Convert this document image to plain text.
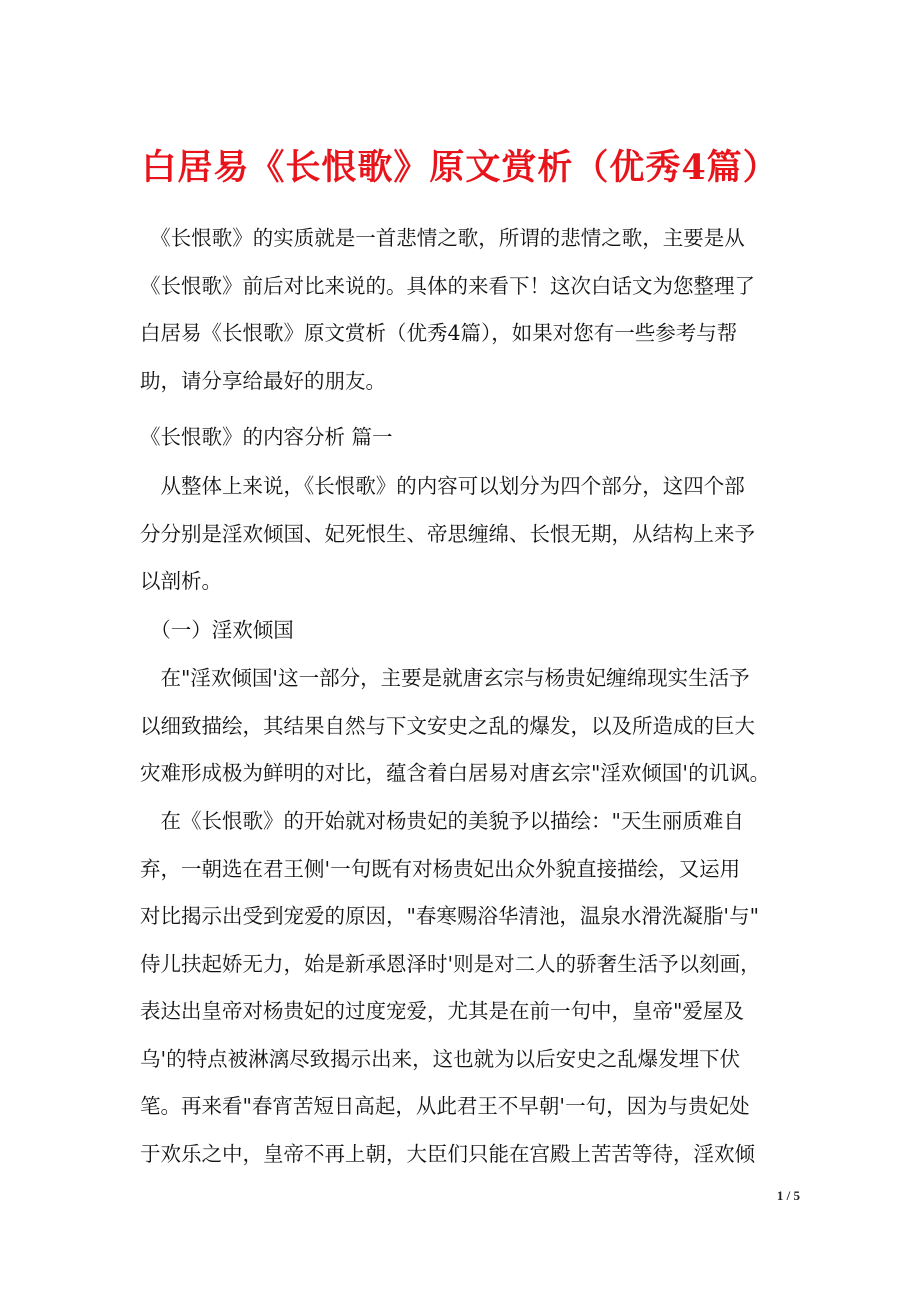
白居易《长恨歌》原文赏析（优秀4篇）
　《长恨歌》的实质就是一首悲情之歌，所谓的悲情之歌，主要是从
《长恨歌》前后对比来说的。具体的来看下！这次白话文为您整理了
白居易《长恨歌》原文赏析（优秀4篇），如果对您有一些参考与帮
助，请分享给最好的朋友。
《长恨歌》的内容分析 篇一
　从整体上来说，《长恨歌》的内容可以划分为四个部分，这四个部
分分别是淫欢倾国、妃死恨生、帝思缠绵、长恨无期，从结构上来予
以剖析。
　（一）淫欢倾国
　在"淫欢倾国'这一部分，主要是就唐玄宗与杨贵妃缠绵现实生活予
以细致描绘，其结果自然与下文安史之乱的爆发，以及所造成的巨大
灾难形成极为鲜明的对比，蕴含着白居易对唐玄宗"淫欢倾国'的讥讽。
　在《长恨歌》的开始就对杨贵妃的美貌予以描绘："天生丽质难自
弃，一朝选在君王侧'一句既有对杨贵妃出众外貌直接描绘，又运用
对比揭示出受到宠爱的原因，"春寒赐浴华清池，温泉水滑洗凝脂'与"
侍儿扶起娇无力，始是新承恩泽时'则是对二人的骄奢生活予以刻画，
表达出皇帝对杨贵妃的过度宠爱，尤其是在前一句中，皇帝"爱屋及
乌'的特点被淋漓尽致揭示出来，这也就为以后安史之乱爆发埋下伏
笔。再来看"春宵苦短日高起，从此君王不早朝'一句，因为与贵妃处
于欢乐之中，皇帝不再上朝，大臣们只能在宫殿上苦苦等待，淫欢倾
1 / 5
